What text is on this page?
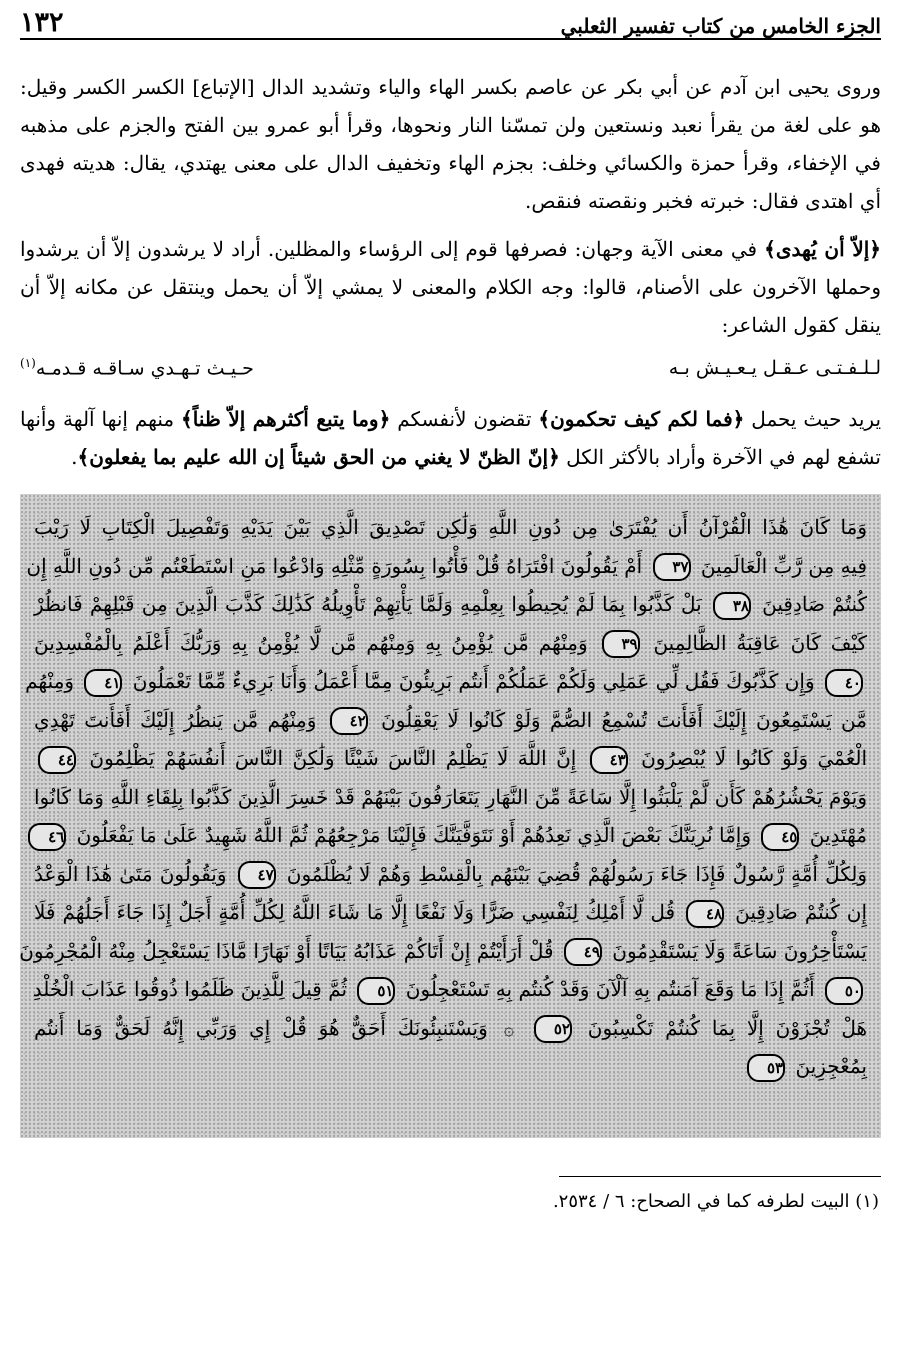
الجزء الخامس من كتاب تفسير الثعلبي
١٣٢

وروى يحيى ابن آدم عن أبي بكر عن عاصم بكسر الهاء والياء وتشديد الدال [الإتباع] الكسر الكسر وقيل: هو على لغة من يقرأ نعبد ونستعين ولن تمسّنا النار ونحوها، وقرأ أبو عمرو بين الفتح والجزم على مذهبه في الإخفاء، وقرأ حمزة والكسائي وخلف: بجزم الهاء وتخفيف الدال على معنى يهتدي، يقال: هديته فهدى أي اهتدى فقال: خبرته فخبر ونقصته فنقص.

﴿إلاّ أن يُهدى﴾ في معنى الآية وجهان: فصرفها قوم إلى الرؤساء والمظلين. أراد لا يرشدون إلاّ أن يرشدوا وحملها الآخرون على الأصنام، قالوا: وجه الكلام والمعنى لا يمشي إلاّ أن يحمل وينتقل عن مكانه إلاّ أن ينقل كقول الشاعر:

لـلـفـتـى عـقـل يـعـيـش بـه
حـيـث تـهـدي سـاقـه قـدمـه$^{(١)}$

يريد حيث يحمل ﴿فما لكم كيف تحكمون﴾ تقضون لأنفسكم ﴿وما يتبع أكثرهم إلاّ ظناً﴾ منهم إنها آلهة وأنها تشفع لهم في الآخرة وأراد بالأكثر الكل ﴿إنّ الظنّ لا يغني من الحق شيئاً إن الله عليم بما يفعلون﴾.

وَمَا كَانَ هَٰذَا الْقُرْآنُ أَن يُفْتَرَىٰ مِن دُونِ اللَّهِ وَلَٰكِن تَصْدِيقَ الَّذِي بَيْنَ يَدَيْهِ وَتَفْصِيلَ الْكِتَابِ لَا رَيْبَ
فِيهِ مِن رَّبِّ الْعَالَمِينَ ٣٧ أَمْ يَقُولُونَ افْتَرَاهُ قُلْ فَأْتُوا بِسُورَةٍ مِّثْلِهِ وَادْعُوا مَنِ اسْتَطَعْتُم مِّن دُونِ اللَّهِ إِن
كُنتُمْ صَادِقِينَ ٣٨ بَلْ كَذَّبُوا بِمَا لَمْ يُحِيطُوا بِعِلْمِهِ وَلَمَّا يَأْتِهِمْ تَأْوِيلُهُ كَذَٰلِكَ كَذَّبَ الَّذِينَ مِن قَبْلِهِمْ فَانظُرْ
كَيْفَ كَانَ عَاقِبَةُ الظَّالِمِينَ ٣٩ وَمِنْهُم مَّن يُؤْمِنُ بِهِ وَمِنْهُم مَّن لَّا يُؤْمِنُ بِهِ وَرَبُّكَ أَعْلَمُ بِالْمُفْسِدِينَ
٤٠ وَإِن كَذَّبُوكَ فَقُل لِّي عَمَلِي وَلَكُمْ عَمَلُكُمْ أَنتُم بَرِيئُونَ مِمَّا أَعْمَلُ وَأَنَا بَرِيءٌ مِّمَّا تَعْمَلُونَ ٤١ وَمِنْهُم
مَّن يَسْتَمِعُونَ إِلَيْكَ أَفَأَنتَ تُسْمِعُ الصُّمَّ وَلَوْ كَانُوا لَا يَعْقِلُونَ ٤٢ وَمِنْهُم مَّن يَنظُرُ إِلَيْكَ أَفَأَنتَ تَهْدِي
الْعُمْيَ وَلَوْ كَانُوا لَا يُبْصِرُونَ ٤٣ إِنَّ اللَّهَ لَا يَظْلِمُ النَّاسَ شَيْئًا وَلَٰكِنَّ النَّاسَ أَنفُسَهُمْ يَظْلِمُونَ ٤٤
وَيَوْمَ يَحْشُرُهُمْ كَأَن لَّمْ يَلْبَثُوا إِلَّا سَاعَةً مِّنَ النَّهَارِ يَتَعَارَفُونَ بَيْنَهُمْ قَدْ خَسِرَ الَّذِينَ كَذَّبُوا بِلِقَاءِ اللَّهِ وَمَا كَانُوا
مُهْتَدِينَ ٤٥ وَإِمَّا نُرِيَنَّكَ بَعْضَ الَّذِي نَعِدُهُمْ أَوْ نَتَوَفَّيَنَّكَ فَإِلَيْنَا مَرْجِعُهُمْ ثُمَّ اللَّهُ شَهِيدٌ عَلَىٰ مَا يَفْعَلُونَ ٤٦
وَلِكُلِّ أُمَّةٍ رَّسُولٌ فَإِذَا جَاءَ رَسُولُهُمْ قُضِيَ بَيْنَهُم بِالْقِسْطِ وَهُمْ لَا يُظْلَمُونَ ٤٧ وَيَقُولُونَ مَتَىٰ هَٰذَا الْوَعْدُ
إِن كُنتُمْ صَادِقِينَ ٤٨ قُل لَّا أَمْلِكُ لِنَفْسِي ضَرًّا وَلَا نَفْعًا إِلَّا مَا شَاءَ اللَّهُ لِكُلِّ أُمَّةٍ أَجَلٌ إِذَا جَاءَ أَجَلُهُمْ فَلَا
يَسْتَأْخِرُونَ سَاعَةً وَلَا يَسْتَقْدِمُونَ ٤٩ قُلْ أَرَأَيْتُمْ إِنْ أَتَاكُمْ عَذَابُهُ بَيَاتًا أَوْ نَهَارًا مَّاذَا يَسْتَعْجِلُ مِنْهُ الْمُجْرِمُونَ
٥٠ أَثُمَّ إِذَا مَا وَقَعَ آمَنتُم بِهِ آلْآنَ وَقَدْ كُنتُم بِهِ تَسْتَعْجِلُونَ ٥١ ثُمَّ قِيلَ لِلَّذِينَ ظَلَمُوا ذُوقُوا عَذَابَ الْخُلْدِ
هَلْ تُجْزَوْنَ إِلَّا بِمَا كُنتُمْ تَكْسِبُونَ ٥٢ ۞ وَيَسْتَنبِئُونَكَ أَحَقٌّ هُوَ قُلْ إِي وَرَبِّي إِنَّهُ لَحَقٌّ وَمَا أَنتُم
بِمُعْجِزِينَ ٥٣
(١) البيت لطرفه كما في الصحاح: ٦ / ٢٥٣٤.
